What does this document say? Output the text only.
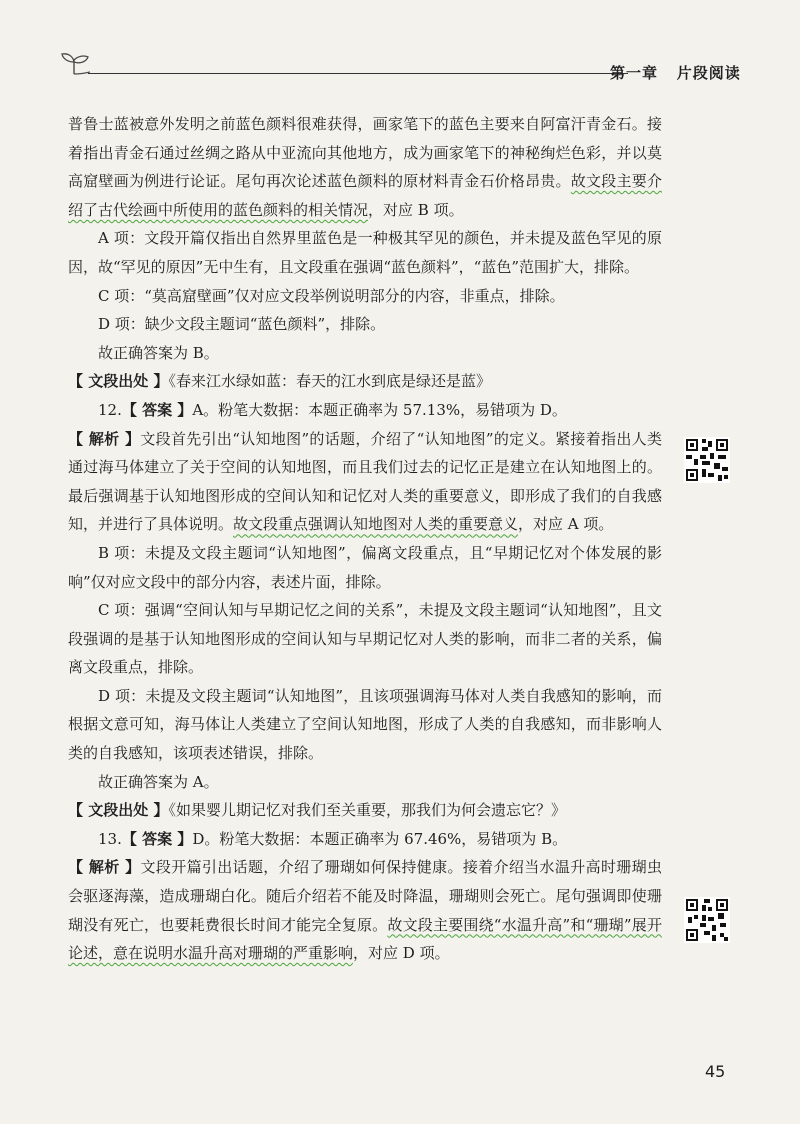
第一章 片段阅读

普鲁士蓝被意外发明之前蓝色颜料很难获得，画家笔下的蓝色主要来自阿富汗青金石。接着指出青金石通过丝绸之路从中亚流向其他地方，成为画家笔下的神秘绚烂色彩，并以莫高窟壁画为例进行论证。尾句再次论述蓝色颜料的原材料青金石价格昂贵。故文段主要介绍了古代绘画中所使用的蓝色颜料的相关情况，对应 B 项。

A 项：文段开篇仅指出自然界里蓝色是一种极其罕见的颜色，并未提及蓝色罕见的原因，故“罕见的原因”无中生有，且文段重在强调“蓝色颜料”，“蓝色”范围扩大，排除。

C 项：“莫高窟壁画”仅对应文段举例说明部分的内容，非重点，排除。

D 项：缺少文段主题词“蓝色颜料”，排除。

故正确答案为 B。

【 文段出处 】《春来江水绿如蓝：春天的江水到底是绿还是蓝》

12.【 答案 】A。粉笔大数据：本题正确率为 57.13%，易错项为 D。

【 解析 】文段首先引出“认知地图”的话题，介绍了“认知地图”的定义。紧接着指出人类通过海马体建立了关于空间的认知地图，而且我们过去的记忆正是建立在认知地图上的。最后强调基于认知地图形成的空间认知和记忆对人类的重要意义，即形成了我们的自我感知，并进行了具体说明。故文段重点强调认知地图对人类的重要意义，对应 A 项。

B 项：未提及文段主题词“认知地图”，偏离文段重点，且“早期记忆对个体发展的影响”仅对应文段中的部分内容，表述片面，排除。

C 项：强调“空间认知与早期记忆之间的关系”，未提及文段主题词“认知地图”，且文段强调的是基于认知地图形成的空间认知与早期记忆对人类的影响，而非二者的关系，偏离文段重点，排除。

D 项：未提及文段主题词“认知地图”，且该项强调海马体对人类自我感知的影响，而根据文意可知，海马体让人类建立了空间认知地图，形成了人类的自我感知，而非影响人类的自我感知，该项表述错误，排除。

故正确答案为 A。

【 文段出处 】《如果婴儿期记忆对我们至关重要，那我们为何会遗忘它？》

13.【 答案 】D。粉笔大数据：本题正确率为 67.46%，易错项为 B。

【 解析 】文段开篇引出话题，介绍了珊瑚如何保持健康。接着介绍当水温升高时珊瑚虫会驱逐海藻，造成珊瑚白化。随后介绍若不能及时降温，珊瑚则会死亡。尾句强调即使珊瑚没有死亡，也要耗费很长时间才能完全复原。故文段主要围绕“水温升高”和“珊瑚”展开论述，意在说明水温升高对珊瑚的严重影响，对应 D 项。

45
